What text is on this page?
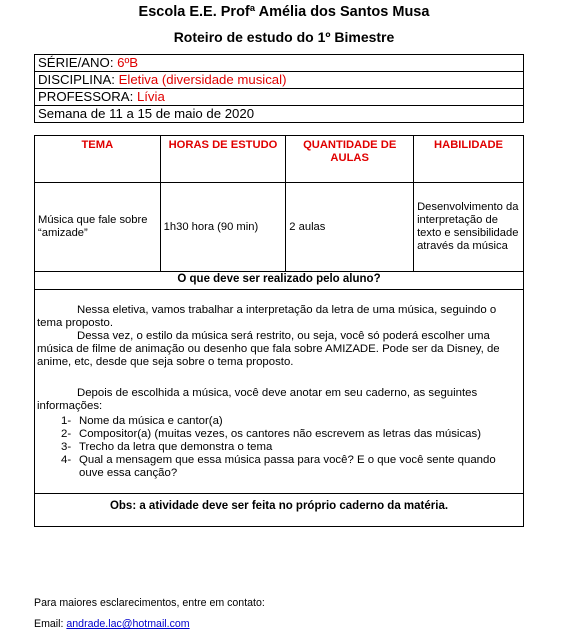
Escola E.E. Profª Amélia dos Santos Musa
Roteiro de estudo do 1º Bimestre
SÉRIE/ANO: 6ºB
DISCIPLINA: Eletiva (diversidade musical)
PROFESSORA: Lívia
Semana de 11 a 15 de maio de 2020
TEMA	HORAS DE ESTUDO	QUANTIDADE DE AULAS	HABILIDADE
Música que fale sobre “amizade”	1h30 hora (90 min)	2 aulas	Desenvolvimento da interpretação de texto e sensibilidade através da música
O que deve ser realizado pelo aluno?
Nessa eletiva, vamos trabalhar a interpretação da letra de uma música, seguindo o tema proposto.
Dessa vez, o estilo da música será restrito, ou seja, você só poderá escolher uma música de filme de animação ou desenho que fala sobre AMIZADE. Pode ser da Disney, de anime, etc, desde que seja sobre o tema proposto.
Depois de escolhida a música, você deve anotar em seu caderno, as seguintes informações:
1- Nome da música e cantor(a)
2- Compositor(a) (muitas vezes, os cantores não escrevem as letras das músicas)
3- Trecho da letra que demonstra o tema
4- Qual a mensagem que essa música passa para você? E o que você sente quando ouve essa canção?
Obs: a atividade deve ser feita no próprio caderno da matéria.
Para maiores esclarecimentos, entre em contato:
Email: andrade.lac@hotmail.com
